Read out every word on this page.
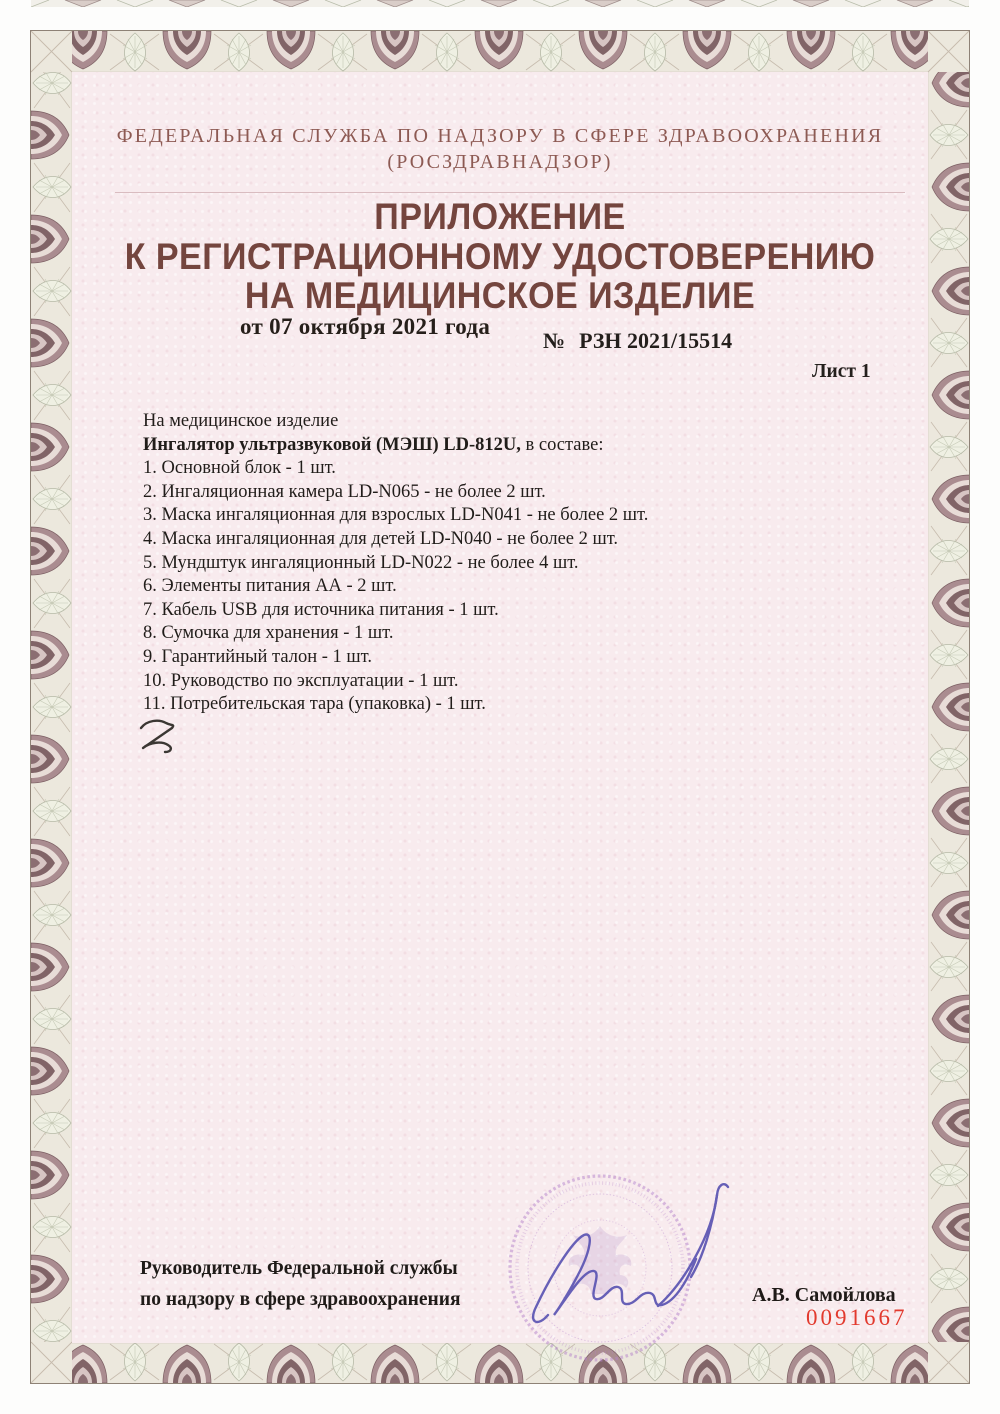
ФЕДЕРАЛЬНАЯ СЛУЖБА ПО НАДЗОРУ В СФЕРЕ ЗДРАВООХРАНЕНИЯ
(РОСЗДРАВНАДЗОР)
ПРИЛОЖЕНИЕ
К РЕГИСТРАЦИОННОМУ УДОСТОВЕРЕНИЮ
НА МЕДИЦИНСКОЕ ИЗДЕЛИЕ
от 07 октября 2021 года
№ РЗН 2021/15514
Лист 1
На медицинское изделие
Ингалятор ультразвуковой (МЭШ) LD-812U, в составе:
1. Основной блок - 1 шт.
2. Ингаляционная камера LD-N065 - не более 2 шт.
3. Маска ингаляционная для взрослых LD-N041 - не более 2 шт.
4. Маска ингаляционная для детей LD-N040 - не более 2 шт.
5. Мундштук ингаляционный LD-N022 - не более 4 шт.
6. Элементы питания АА - 2 шт.
7. Кабель USB для источника питания - 1 шт.
8. Сумочка для хранения - 1 шт.
9. Гарантийный талон - 1 шт.
10. Руководство по эксплуатации - 1 шт.
11. Потребительская тара (упаковка) - 1 шт.
Руководитель Федеральной службы
по надзору в сфере здравоохранения	А.В. Самойлова
0091667
